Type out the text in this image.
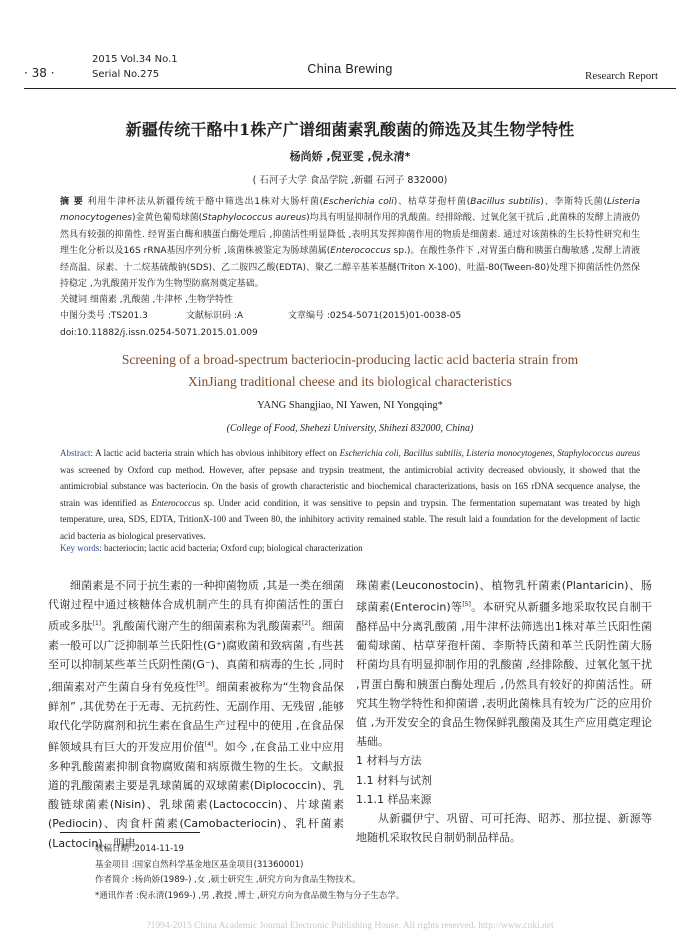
· 38 ·
2015 Vol.34 No.1
Serial No.275	China Brewing	Research Report
新疆传统干酪中1株产广谱细菌素乳酸菌的筛选及其生物学特性
杨尚娇 ,倪亚雯 ,倪永清*
( 石河子大学 食品学院 ,新疆 石河子 832000)
摘 要 利用牛津杯法从新疆传统干酪中筛选出1株对大肠杆菌(Escherichia coli)、枯草芽孢杆菌(Bacillus subtilis)、李斯特氏菌(Listeria monocytogenes)金黄色葡萄球菌(Staphylococcus aureus)均具有明显抑制作用的乳酸菌。经排除酸、过氧化氢干扰后 ,此菌株的发酵上清液仍然具有较强的抑菌性. 经胃蛋白酶和胰蛋白酶处理后 ,抑菌活性明显降低 ,表明其发挥抑菌作用的物质是细菌素. 通过对该菌株的生长特性研究和生理生化分析以及16S rRNA基因序列分析 ,该菌株被鉴定为肠球菌属(Enterococcus sp.)。在酸性条件下 ,对胃蛋白酶和胰蛋白酶敏感 ,发酵上清液经高温、尿素、十二烷基硫酸钠(SDS)、乙二胺四乙酸(EDTA)、聚乙二醇辛基苯基醚(Triton X-100)、吐温-80(Tween-80)处理下抑菌活性仍然保持稳定 ,为乳酸菌开发作为生物型防腐剂奠定基础。
关键词 细菌素 ,乳酸菌 ,牛津杯 ,生物学特性
中图分类号 :TS201.3	文献标识码 :A	文章编号 :0254-5071(2015)01-0038-05
doi:10.11882/j.issn.0254-5071.2015.01.009
Screening of a broad-spectrum bacteriocin-producing lactic acid bacteria strain from
XinJiang traditional cheese and its biological characteristics
YANG Shangjiao, NI Yawen, NI Yongqing*
(College of Food, Shehezi University, Shihezi 832000, China)
Abstract: A lactic acid bacteria strain which has obvious inhibitory effect on Escherichia coli, Bacillus subtilis, Listeria monocytogenes, Staphylococcus aureus was screened by Oxford cup method. However, after pepsase and trypsin treatment, the antimicrobial activity decreased obviously, it showed that the antimicrobial substance was bacteriocin. On the basis of growth characteristic and biochemical characterizations, basis on 16S rDNA secquence analyse, the strain was identified as Enterococcus sp. Under acid condition, it was sensitive to pepsin and trypsin. The fermentation supernatant was treated by high temperature, urea, SDS, EDTA, TritionX-100 and Tween 80, the inhibitory activity remained stable. The result laid a foundation for the development of lactic acid bacteria as biological preservatives.
Key words: bacteriocin; lactic acid bacteria; Oxford cup; biological characterization

细菌素是不同于抗生素的一种抑菌物质 ,其是一类在细菌代谢过程中通过核糖体合成机制产生的具有抑菌活性的蛋白质或多肽[1]。乳酸菌代谢产生的细菌素称为乳酸菌素[2]。细菌素一般可以广泛抑制革兰氏阳性(G⁺)腐败菌和致病菌 ,有些甚至可以抑制某些革兰氏阴性菌(G⁻)、真菌和病毒的生长 ,同时 ,细菌素对产生菌自身有免疫性[3]。细菌素被称为“生物食品保鲜剂” ,其优势在于无毒、无抗药性、无副作用、无残留 ,能够取代化学防腐剂和抗生素在食品生产过程中的使用 ,在食品保鲜领域具有巨大的开发应用价值[4]。如今 ,在食品工业中应用多种乳酸菌素抑制食物腐败菌和病原微生物的生长。文献报道的乳酸菌素主要是乳球菌属的双球菌素(Diplococcin)、乳酸链球菌素(Nisin)、乳球菌素(Lactococcin)、片球菌素(Pediocin)、肉食杆菌素(Camobacteriocin)、乳杆菌素(Lactocin)、明串

珠菌素(Leuconostocin)、植物乳杆菌素(Plantaricin)、肠球菌素(Enterocin)等[5]。本研究从新疆多地采取牧民自制干酪样品中分离乳酸菌 ,用牛津杯法筛选出1株对革兰氏阳性菌葡萄球菌、枯草芽孢杆菌、李斯特氏菌和革兰氏阴性菌大肠杆菌均具有明显抑制作用的乳酸菌 ,经排除酸、过氧化氢干扰 ,胃蛋白酶和胰蛋白酶处理后 ,仍然具有较好的抑菌活性。研究其生物学特性和抑菌谱 ,表明此菌株具有较为广泛的应用价值 ,为开发安全的食品生物保鲜乳酸菌及其生产应用奠定理论基础。

1 材料与方法

1.1 材料与试剂

1.1.1 样品来源

从新疆伊宁、巩留、可可托海、昭苏、那拉提、新源等地随机采取牧民自制奶制品样品。

收稿日期 :2014-11-19
基金项目 :国家自然科学基金地区基金项目(31360001)
作者简介 :杨尚娇(1989-) ,女 ,硕士研究生 ,研究方向为食品生物技术。
*通讯作者 :倪永清(1969-) ,男 ,教授 ,博士 ,研究方向为食品微生物与分子生态学。
?1994-2015 China Academic Journal Electronic Publishing House. All rights reserved. http://www.cnki.net
